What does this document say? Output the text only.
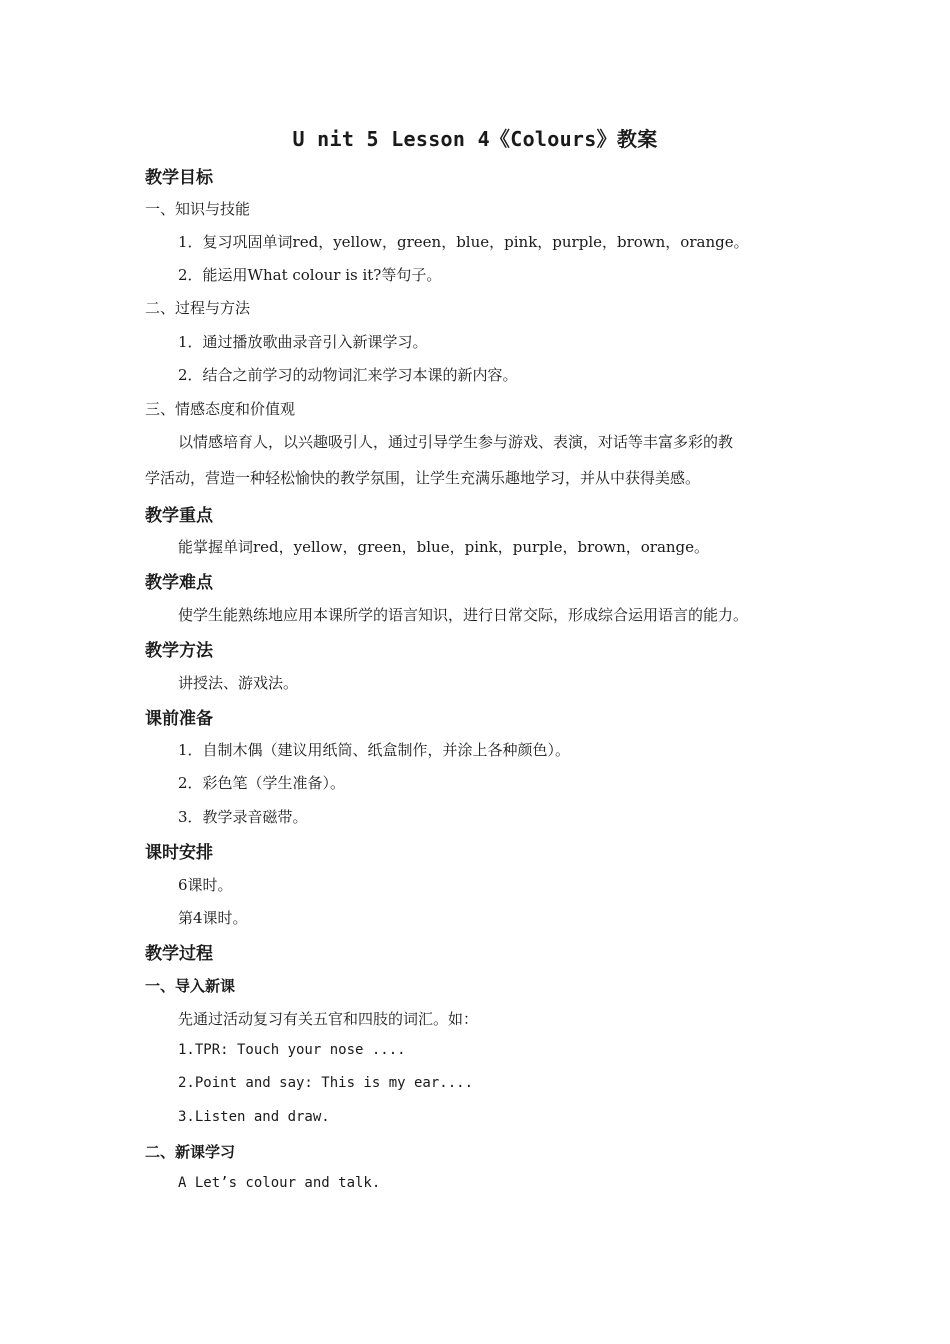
U nit 5 Lesson 4《Colours》教案
教学目标
一、知识与技能
1．复习巩固单词red，yellow，green，blue，pink，purple，brown，orange。
2．能运用What colour is it?等句子。
二、过程与方法
1．通过播放歌曲录音引入新课学习。
2．结合之前学习的动物词汇来学习本课的新内容。
三、情感态度和价值观
以情感培育人，以兴趣吸引人，通过引导学生参与游戏、表演，对话等丰富多彩的教
学活动，营造一种轻松愉快的教学氛围，让学生充满乐趣地学习，并从中获得美感。
教学重点
能掌握单词red，yellow，green，blue，pink，purple，brown，orange。
教学难点
使学生能熟练地应用本课所学的语言知识，进行日常交际，形成综合运用语言的能力。
教学方法
讲授法、游戏法。
课前准备
1．自制木偶（建议用纸筒、纸盒制作，并涂上各种颜色）。
2．彩色笔（学生准备）。
3．教学录音磁带。
课时安排
6课时。
第4课时。
教学过程
一、导入新课
先通过活动复习有关五官和四肢的词汇。如：
1.TPR: Touch your nose ....
2.Point and say: This is my ear....
3.Listen and draw.
二、新课学习
A Let’s colour and talk.
